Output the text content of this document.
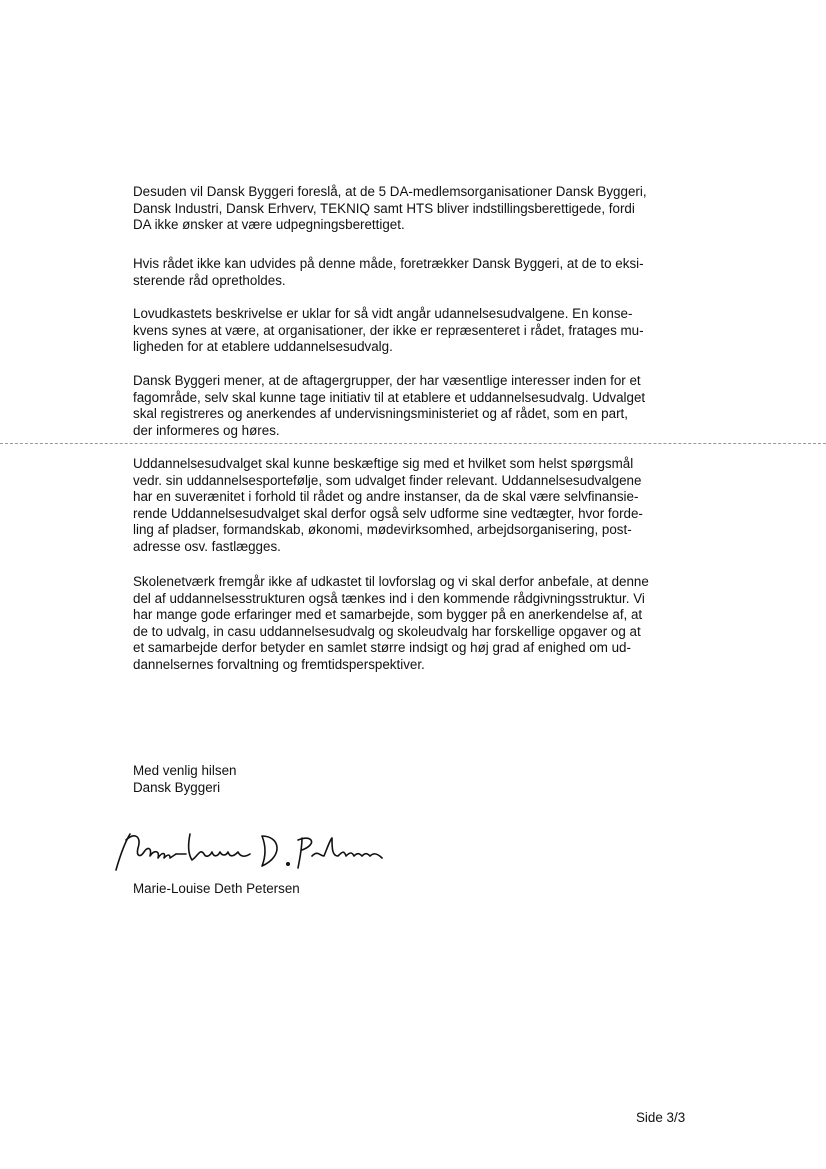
Desuden vil Dansk Byggeri foreslå, at de 5 DA-medlemsorganisationer Dansk Byggeri,
Dansk Industri, Dansk Erhverv, TEKNIQ samt HTS bliver indstillingsberettigede, fordi
DA ikke ønsker at være udpegningsberettiget.
Hvis rådet ikke kan udvides på denne måde, foretrækker Dansk Byggeri, at de to eksi-
sterende råd opretholdes.
Lovudkastets beskrivelse er uklar for så vidt angår udannelsesudvalgene. En konse-
kvens synes at være, at organisationer, der ikke er repræsenteret i rådet, fratages mu-
ligheden for at etablere uddannelsesudvalg.
Dansk Byggeri mener, at de aftagergrupper, der har væsentlige interesser inden for et
fagområde, selv skal kunne tage initiativ til at etablere et uddannelsesudvalg. Udvalget
skal registreres og anerkendes af undervisningsministeriet og af rådet, som en part,
der informeres og høres.
Uddannelsesudvalget skal kunne beskæftige sig med et hvilket som helst spørgsmål
vedr. sin uddannelsesportefølje, som udvalget finder relevant. Uddannelsesudvalgene
har en suverænitet i forhold til rådet og andre instanser, da de skal være selvfinansie-
rende Uddannelsesudvalget skal derfor også selv udforme sine vedtægter, hvor forde-
ling af pladser, formandskab, økonomi, mødevirksomhed, arbejdsorganisering, post-
adresse osv. fastlægges.
Skolenetværk fremgår ikke af udkastet til lovforslag og vi skal derfor anbefale, at denne
del af uddannelsesstrukturen også tænkes ind i den kommende rådgivningsstruktur. Vi
har mange gode erfaringer med et samarbejde, som bygger på en anerkendelse af, at
de to udvalg, in casu uddannelsesudvalg og skoleudvalg har forskellige opgaver og at
et samarbejde derfor betyder en samlet større indsigt og høj grad af enighed om ud-
dannelsernes forvaltning og fremtidsperspektiver.
Med venlig hilsen
Dansk Byggeri
Marie-Louise Deth Petersen
Side 3/3
